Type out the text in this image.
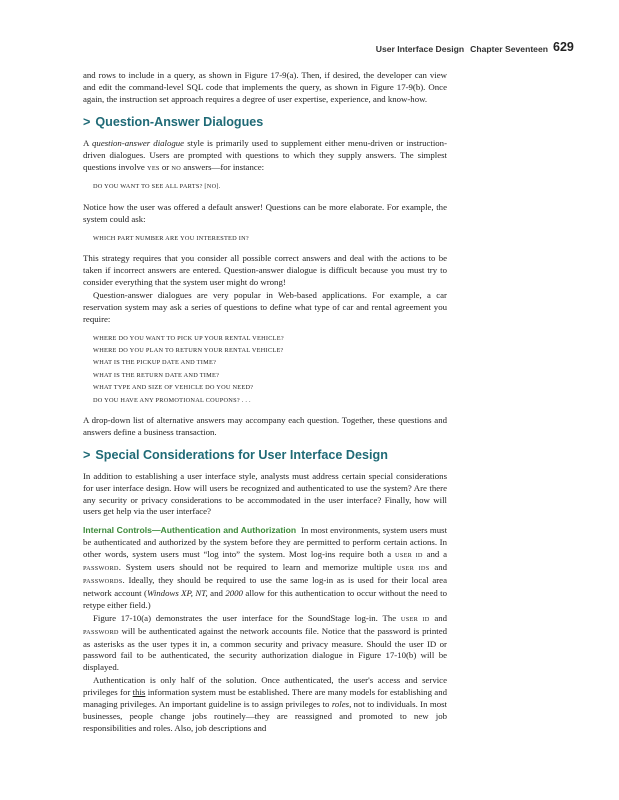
User Interface Design Chapter Seventeen 629

and rows to include in a query, as shown in Figure 17-9(a). Then, if desired, the developer can view and edit the command-level SQL code that implements the query, as shown in Figure 17-9(b). Once again, the instruction set approach requires a degree of user expertise, experience, and know-how.

> Question-Answer Dialogues

A question-answer dialogue style is primarily used to supplement either menu-driven or instruction-driven dialogues. Users are prompted with questions to which they supply answers. The simplest questions involve YES or NO answers—for instance:

DO YOU WANT TO SEE ALL PARTS? [NO].

Notice how the user was offered a default answer! Questions can be more elaborate. For example, the system could ask:

WHICH PART NUMBER ARE YOU INTERESTED IN?

This strategy requires that you consider all possible correct answers and deal with the actions to be taken if incorrect answers are entered. Question-answer dialogue is difficult because you must try to consider everything that the system user might do wrong!

Question-answer dialogues are very popular in Web-based applications. For example, a car reservation system may ask a series of questions to define what type of car and rental agreement you require:

WHERE DO YOU WANT TO PICK UP YOUR RENTAL VEHICLE?
WHERE DO YOU PLAN TO RETURN YOUR RENTAL VEHICLE?
WHAT IS THE PICKUP DATE AND TIME?
WHAT IS THE RETURN DATE AND TIME?
WHAT TYPE AND SIZE OF VEHICLE DO YOU NEED?
DO YOU HAVE ANY PROMOTIONAL COUPONS? . . .

A drop-down list of alternative answers may accompany each question. Together, these questions and answers define a business transaction.

> Special Considerations for User Interface Design

In addition to establishing a user interface style, analysts must address certain special considerations for user interface design. How will users be recognized and authenticated to use the system? Are there any security or privacy considerations to be accommodated in the user interface? Finally, how will users get help via the user interface?

Internal Controls—Authentication and Authorization In most environments, system users must be authenticated and authorized by the system before they are permitted to perform certain actions. In other words, system users must “log into” the system. Most log-ins require both a USER ID and a PASSWORD. System users should not be required to learn and memorize multiple USER IDS and PASSWORDS. Ideally, they should be required to use the same log-in as is used for their local area network account (Windows XP, NT, and 2000 allow for this authentication to occur without the need to retype either field.)

Figure 17-10(a) demonstrates the user interface for the SoundStage log-in. The USER ID and PASSWORD will be authenticated against the network accounts file. Notice that the password is printed as asterisks as the user types it in, a common security and privacy measure. Should the user ID or password fail to be authenticated, the security authorization dialogue in Figure 17-10(b) will be displayed.

Authentication is only half of the solution. Once authenticated, the user's access and service privileges for this information system must be established. There are many models for establishing and managing privileges. An important guideline is to assign privileges to roles, not to individuals. In most businesses, people change jobs routinely—they are reassigned and promoted to new job responsibilities and roles. Also, job descriptions and
